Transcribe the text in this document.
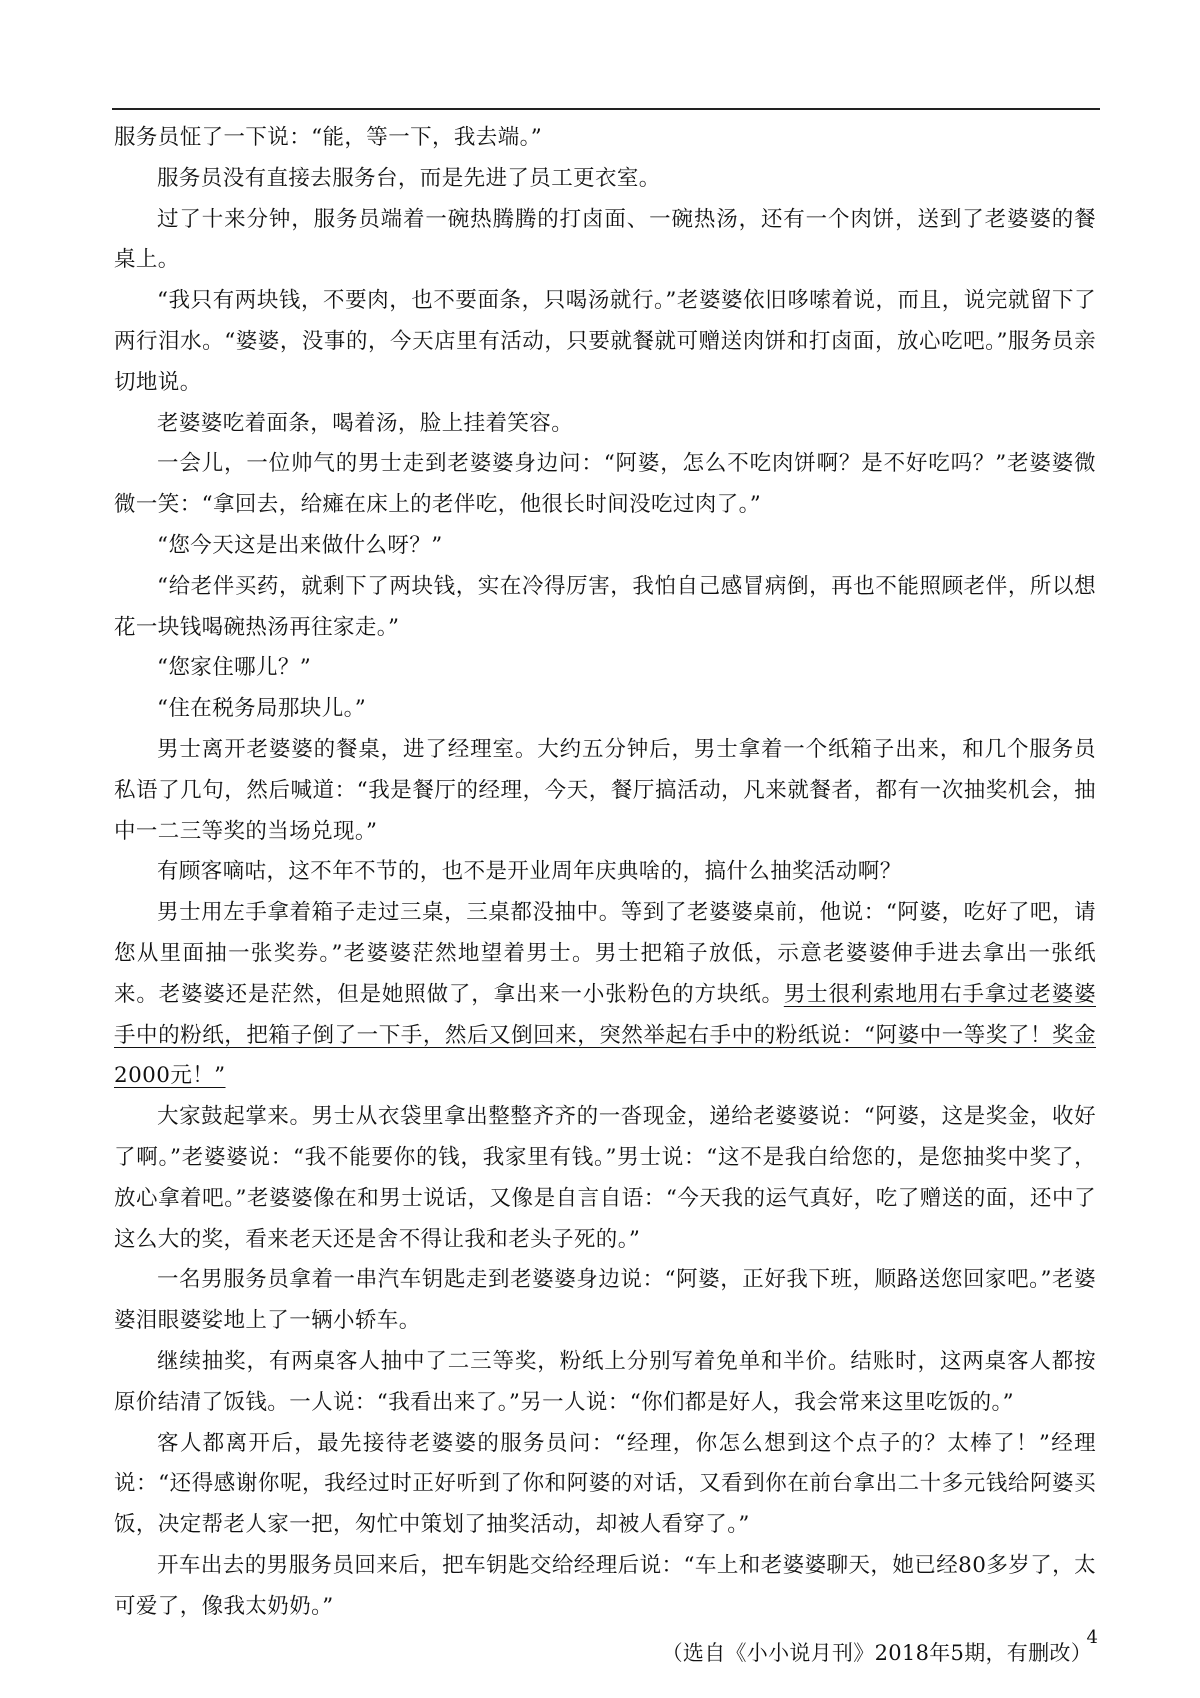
服务员怔了一下说：“能，等一下，我去端。”

服务员没有直接去服务台，而是先进了员工更衣室。

过了十来分钟，服务员端着一碗热腾腾的打卤面、一碗热汤，还有一个肉饼，送到了老婆婆的餐桌上。

“我只有两块钱，不要肉，也不要面条，只喝汤就行。”老婆婆依旧哆嗦着说，而且，说完就留下了两行泪水。“婆婆，没事的，今天店里有活动，只要就餐就可赠送肉饼和打卤面，放心吃吧。”服务员亲切地说。

老婆婆吃着面条，喝着汤，脸上挂着笑容。

一会儿，一位帅气的男士走到老婆婆身边问：“阿婆，怎么不吃肉饼啊？是不好吃吗？”老婆婆微微一笑：“拿回去，给瘫在床上的老伴吃，他很长时间没吃过肉了。”

“您今天这是出来做什么呀？”

“给老伴买药，就剩下了两块钱，实在冷得厉害，我怕自己感冒病倒，再也不能照顾老伴，所以想花一块钱喝碗热汤再往家走。”

“您家住哪儿？”

“住在税务局那块儿。”

男士离开老婆婆的餐桌，进了经理室。大约五分钟后，男士拿着一个纸箱子出来，和几个服务员私语了几句，然后喊道：“我是餐厅的经理，今天，餐厅搞活动，凡来就餐者，都有一次抽奖机会，抽中一二三等奖的当场兑现。”

有顾客嘀咕，这不年不节的，也不是开业周年庆典啥的，搞什么抽奖活动啊？

男士用左手拿着箱子走过三桌，三桌都没抽中。等到了老婆婆桌前，他说：“阿婆，吃好了吧，请您从里面抽一张奖券。”老婆婆茫然地望着男士。男士把箱子放低，示意老婆婆伸手进去拿出一张纸来。老婆婆还是茫然，但是她照做了，拿出来一小张粉色的方块纸。男士很利索地用右手拿过老婆婆手中的粉纸，把箱子倒了一下手，然后又倒回来，突然举起右手中的粉纸说：“阿婆中一等奖了！奖金2000元！”

大家鼓起掌来。男士从衣袋里拿出整整齐齐的一沓现金，递给老婆婆说：“阿婆，这是奖金，收好了啊。”老婆婆说：“我不能要你的钱，我家里有钱。”男士说：“这不是我白给您的，是您抽奖中奖了，放心拿着吧。”老婆婆像在和男士说话，又像是自言自语：“今天我的运气真好，吃了赠送的面，还中了这么大的奖，看来老天还是舍不得让我和老头子死的。”

一名男服务员拿着一串汽车钥匙走到老婆婆身边说：“阿婆，正好我下班，顺路送您回家吧。”老婆婆泪眼婆娑地上了一辆小轿车。

继续抽奖，有两桌客人抽中了二三等奖，粉纸上分别写着免单和半价。结账时，这两桌客人都按原价结清了饭钱。一人说：“我看出来了。”另一人说：“你们都是好人，我会常来这里吃饭的。”

客人都离开后，最先接待老婆婆的服务员问：“经理，你怎么想到这个点子的？太棒了！”经理说：“还得感谢你呢，我经过时正好听到了你和阿婆的对话，又看到你在前台拿出二十多元钱给阿婆买饭，决定帮老人家一把，匆忙中策划了抽奖活动，却被人看穿了。”

开车出去的男服务员回来后，把车钥匙交给经理后说：“车上和老婆婆聊天，她已经80多岁了，太可爱了，像我太奶奶。”

（选自《小小说月刊》2018年5期，有删改）

4
